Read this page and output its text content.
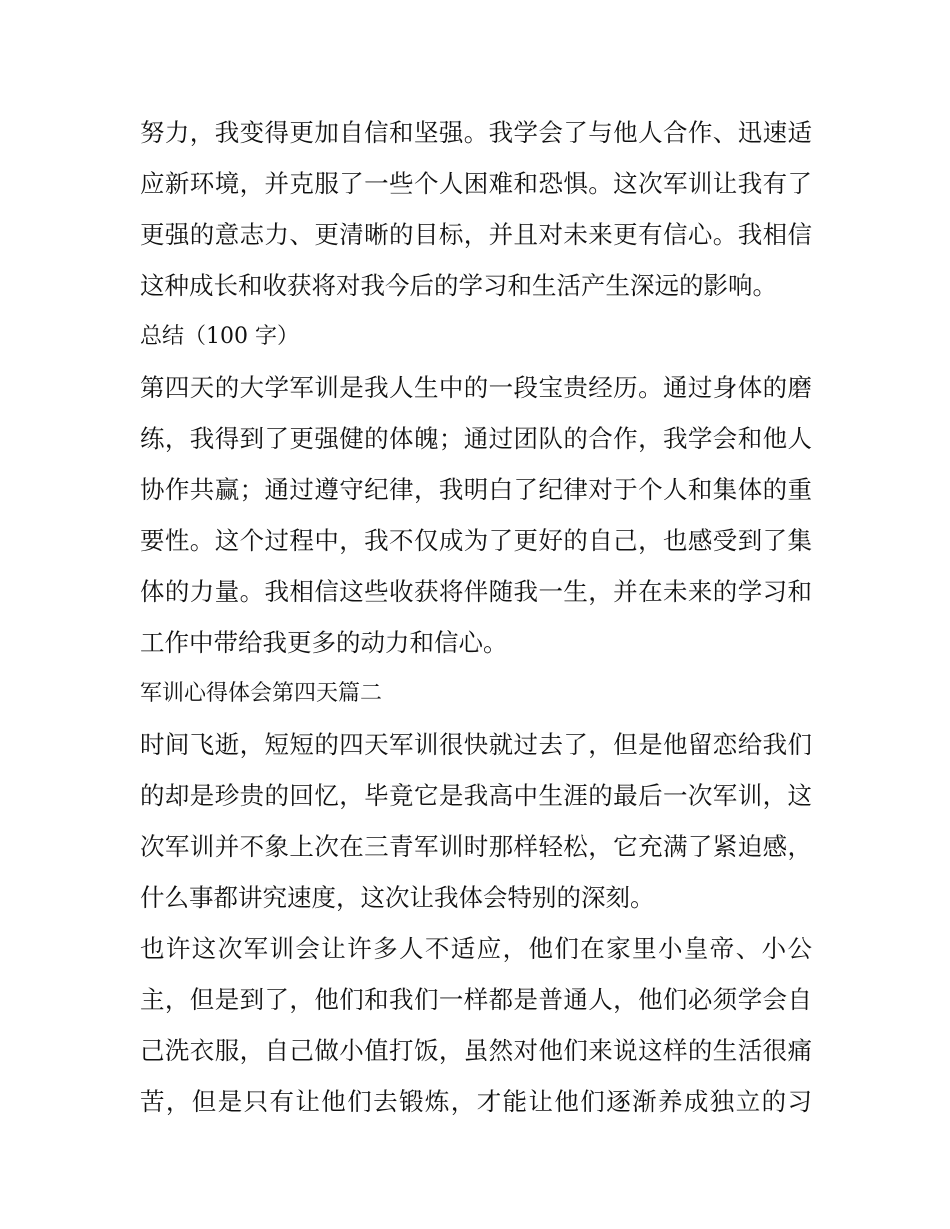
努力，我变得更加自信和坚强。我学会了与他人合作、迅速适
应新环境，并克服了一些个人困难和恐惧。这次军训让我有了
更强的意志力、更清晰的目标，并且对未来更有信心。我相信
这种成长和收获将对我今后的学习和生活产生深远的影响。
总结（100 字）
第四天的大学军训是我人生中的一段宝贵经历。通过身体的磨
练，我得到了更强健的体魄；通过团队的合作，我学会和他人
协作共赢；通过遵守纪律，我明白了纪律对于个人和集体的重
要性。这个过程中，我不仅成为了更好的自己，也感受到了集
体的力量。我相信这些收获将伴随我一生，并在未来的学习和
工作中带给我更多的动力和信心。
军训心得体会第四天篇二
时间飞逝，短短的四天军训很快就过去了，但是他留恋给我们
的却是珍贵的回忆，毕竟它是我高中生涯的最后一次军训，这
次军训并不象上次在三青军训时那样轻松，它充满了紧迫感，
什么事都讲究速度，这次让我体会特别的深刻。
也许这次军训会让许多人不适应，他们在家里小皇帝、小公
主，但是到了，他们和我们一样都是普通人，他们必须学会自
己洗衣服，自己做小值打饭，虽然对他们来说这样的生活很痛
苦，但是只有让他们去锻炼，才能让他们逐渐养成独立的习
